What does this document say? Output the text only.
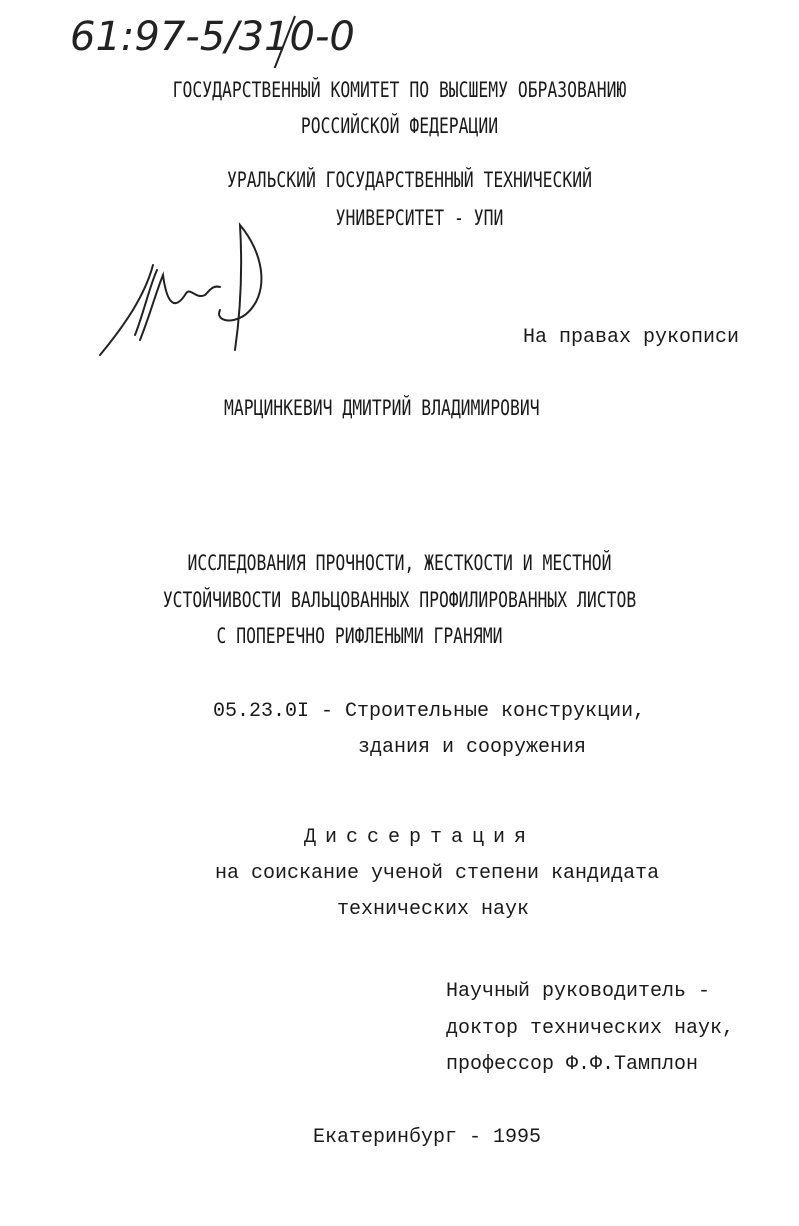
61:97-5/310-0
ГОСУДАРСТВЕННЫЙ КОМИТЕТ ПО ВЫСШЕМУ ОБРАЗОВАНИЮ
РОССИЙСКОЙ ФЕДЕРАЦИИ
УРАЛЬСКИЙ ГОСУДАРСТВЕННЫЙ ТЕХНИЧЕСКИЙ
УНИВЕРСИТЕТ - УПИ
На правах рукописи
МАРЦИНКЕВИЧ ДМИТРИЙ ВЛАДИМИРОВИЧ
ИССЛЕДОВАНИЯ ПРОЧНОСТИ, ЖЕСТКОСТИ И МЕСТНОЙ
УСТОЙЧИВОСТИ ВАЛЬЦОВАННЫХ ПРОФИЛИРОВАННЫХ ЛИСТОВ
С ПОПЕРЕЧНО РИФЛЕНЫМИ ГРАНЯМИ
05.23.0I - Строительные конструкции,
здания и сооружения
Диссертация
на соискание ученой степени кандидата
технических наук
Научный руководитель -
доктор технических наук,
профессор Ф.Ф.Тамплон
Екатеринбург - 1995
